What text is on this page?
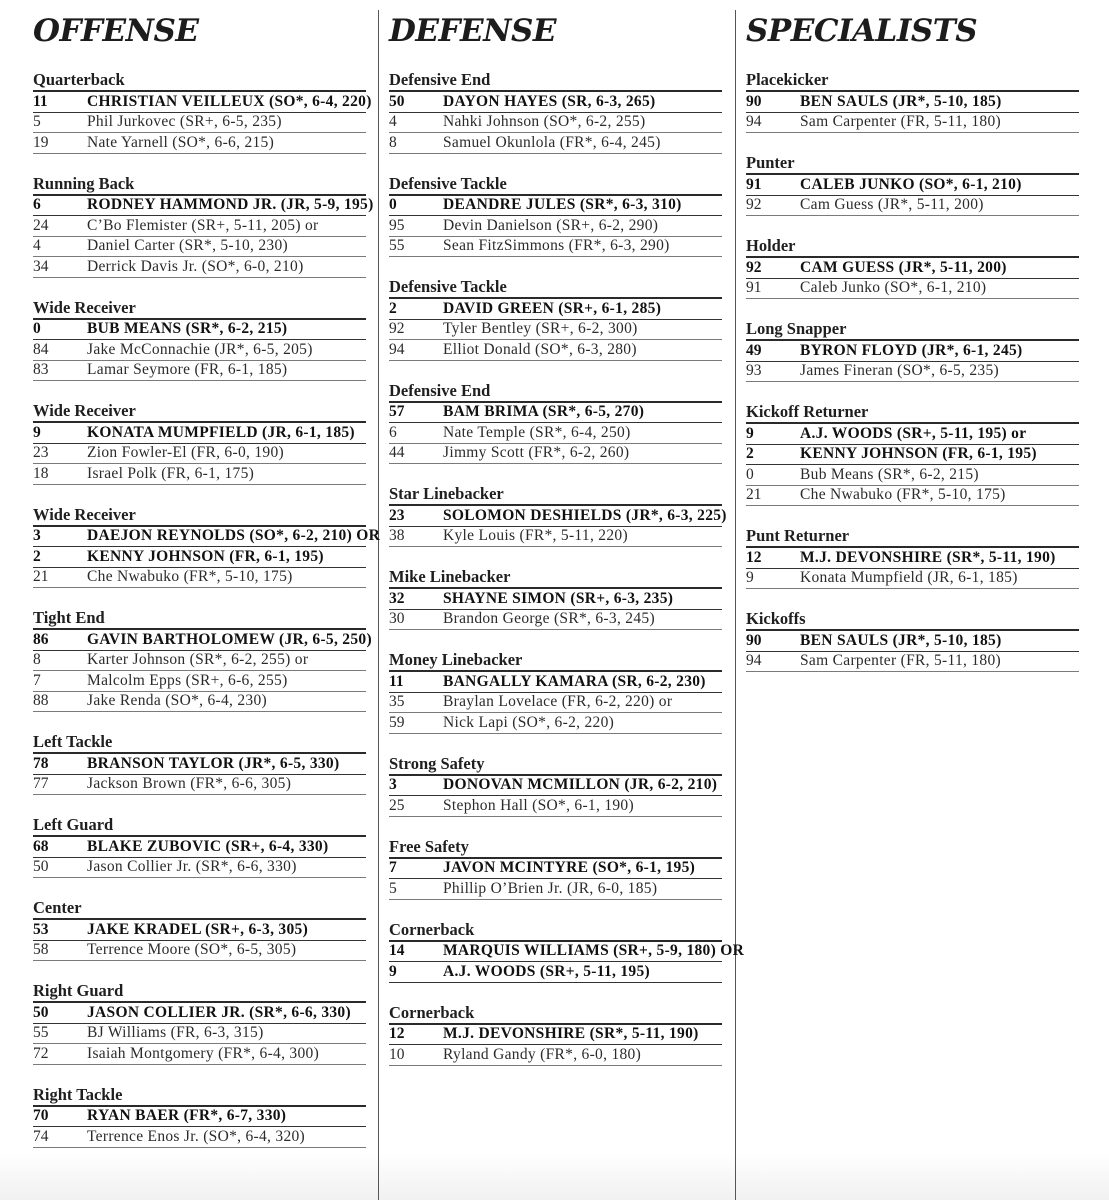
OFFENSE
Quarterback
11	CHRISTIAN VEILLEUX (SO*, 6-4, 220)
5	Phil Jurkovec (SR+, 6-5, 235)
19	Nate Yarnell (SO*, 6-6, 215)
Running Back
6	RODNEY HAMMOND JR. (JR, 5-9, 195)
24	C’Bo Flemister (SR+, 5-11, 205) or
4	Daniel Carter (SR*, 5-10, 230)
34	Derrick Davis Jr. (SO*, 6-0, 210)
Wide Receiver
0	BUB MEANS (SR*, 6-2, 215)
84	Jake McConnachie (JR*, 6-5, 205)
83	Lamar Seymore (FR, 6-1, 185)
Wide Receiver
9	KONATA MUMPFIELD (JR, 6-1, 185)
23	Zion Fowler-El (FR, 6-0, 190)
18	Israel Polk (FR, 6-1, 175)
Wide Receiver
3	DAEJON REYNOLDS (SO*, 6-2, 210) OR
2	KENNY JOHNSON (FR, 6-1, 195)
21	Che Nwabuko (FR*, 5-10, 175)
Tight End
86	GAVIN BARTHOLOMEW (JR, 6-5, 250)
8	Karter Johnson (SR*, 6-2, 255) or
7	Malcolm Epps (SR+, 6-6, 255)
88	Jake Renda (SO*, 6-4, 230)
Left Tackle
78	BRANSON TAYLOR (JR*, 6-5, 330)
77	Jackson Brown (FR*, 6-6, 305)
Left Guard
68	BLAKE ZUBOVIC (SR+, 6-4, 330)
50	Jason Collier Jr. (SR*, 6-6, 330)
Center
53	JAKE KRADEL (SR+, 6-3, 305)
58	Terrence Moore (SO*, 6-5, 305)
Right Guard
50	JASON COLLIER JR. (SR*, 6-6, 330)
55	BJ Williams (FR, 6-3, 315)
72	Isaiah Montgomery (FR*, 6-4, 300)
Right Tackle
70	RYAN BAER (FR*, 6-7, 330)
74	Terrence Enos Jr. (SO*, 6-4, 320)
DEFENSE
Defensive End
50	DAYON HAYES (SR, 6-3, 265)
4	Nahki Johnson (SO*, 6-2, 255)
8	Samuel Okunlola (FR*, 6-4, 245)
Defensive Tackle
0	DEANDRE JULES (SR*, 6-3, 310)
95	Devin Danielson (SR+, 6-2, 290)
55	Sean FitzSimmons (FR*, 6-3, 290)
Defensive Tackle
2	DAVID GREEN (SR+, 6-1, 285)
92	Tyler Bentley (SR+, 6-2, 300)
94	Elliot Donald (SO*, 6-3, 280)
Defensive End
57	BAM BRIMA (SR*, 6-5, 270)
6	Nate Temple (SR*, 6-4, 250)
44	Jimmy Scott (FR*, 6-2, 260)
Star Linebacker
23	SOLOMON DESHIELDS (JR*, 6-3, 225)
38	Kyle Louis (FR*, 5-11, 220)
Mike Linebacker
32	SHAYNE SIMON (SR+, 6-3, 235)
30	Brandon George (SR*, 6-3, 245)
Money Linebacker
11	BANGALLY KAMARA (SR, 6-2, 230)
35	Braylan Lovelace (FR, 6-2, 220) or
59	Nick Lapi (SO*, 6-2, 220)
Strong Safety
3	DONOVAN MCMILLON (JR, 6-2, 210)
25	Stephon Hall (SO*, 6-1, 190)
Free Safety
7	JAVON MCINTYRE (SO*, 6-1, 195)
5	Phillip O’Brien Jr. (JR, 6-0, 185)
Cornerback
14	MARQUIS WILLIAMS (SR+, 5-9, 180) OR
9	A.J. WOODS (SR+, 5-11, 195)
Cornerback
12	M.J. DEVONSHIRE (SR*, 5-11, 190)
10	Ryland Gandy (FR*, 6-0, 180)
SPECIALISTS
Placekicker
90	BEN SAULS (JR*, 5-10, 185)
94	Sam Carpenter (FR, 5-11, 180)
Punter
91	CALEB JUNKO (SO*, 6-1, 210)
92	Cam Guess (JR*, 5-11, 200)
Holder
92	CAM GUESS (JR*, 5-11, 200)
91	Caleb Junko (SO*, 6-1, 210)
Long Snapper
49	BYRON FLOYD (JR*, 6-1, 245)
93	James Fineran (SO*, 6-5, 235)
Kickoff Returner
9	A.J. WOODS (SR+, 5-11, 195) or
2	KENNY JOHNSON (FR, 6-1, 195)
0	Bub Means (SR*, 6-2, 215)
21	Che Nwabuko (FR*, 5-10, 175)
Punt Returner
12	M.J. DEVONSHIRE (SR*, 5-11, 190)
9	Konata Mumpfield (JR, 6-1, 185)
Kickoffs
90	BEN SAULS (JR*, 5-10, 185)
94	Sam Carpenter (FR, 5-11, 180)
